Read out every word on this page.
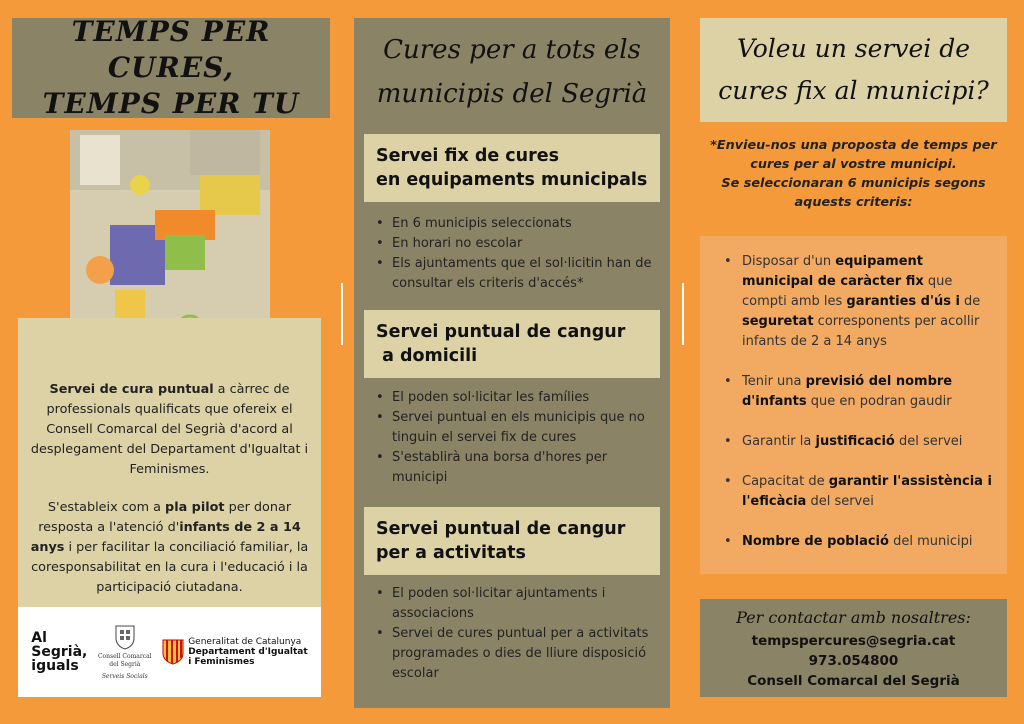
TEMPS PER CURES,
TEMPS PER TU

Servei de cura puntual a càrrec de professionals qualificats que ofereix el Consell Comarcal del Segrià d'acord al desplegament del Departament d'Igualtat i Feminismes.

S'estableix com a pla pilot per donar resposta a l'atenció d'infants de 2 a 14 anys i per facilitar la conciliació familiar, la coresponsabilitat en la cura i l'educació i la participació ciutadana.

Al
Segrià,
iguals
Consell Comarcal
del Segrià
Serveis Socials
Generalitat de Catalunya
Departament d'Igualtat
i Feminismes
Cures per a tots els
municipis del Segrià
Servei fix de cures
en equipaments municipals
• En 6 municipis seleccionats
• En horari no escolar
• Els ajuntaments que el sol·licitin han de consultar els criteris d'accés*
Servei puntual de cangur
a domicili
• El poden sol·licitar les famílies
• Servei puntual en els municipis que no tinguin el servei fix de cures
• S'establirà una borsa d'hores per municipi
Servei puntual de cangur
per a activitats
• El poden sol·licitar ajuntaments i associacions
• Servei de cures puntual per a activitats programades o dies de lliure disposició escolar
Voleu un servei de
cures fix al municipi?
*Envieu-nos una proposta de temps per
cures per al vostre municipi.
Se seleccionaran 6 municipis segons
aquests criteris:
• Disposar d'un equipament municipal de caràcter fix que compti amb les garanties d'ús i de seguretat corresponents per acollir infants de 2 a 14 anys
• Tenir una previsió del nombre d'infants que en podran gaudir
• Garantir la justificació del servei
• Capacitat de garantir l'assistència i l'eficàcia del servei
• Nombre de població del municipi
Per contactar amb nosaltres:
tempspercures@segria.cat
973.054800
Consell Comarcal del Segrià
